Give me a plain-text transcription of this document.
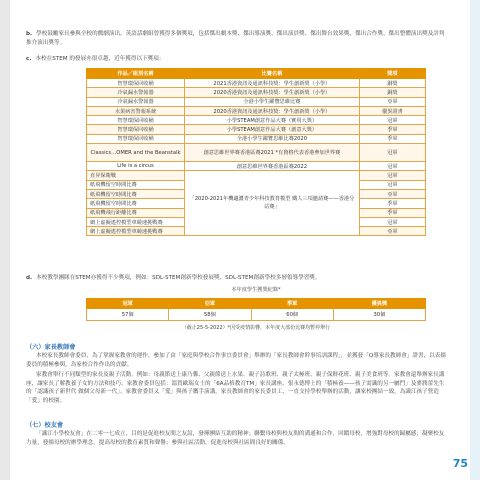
b. 學校鼓勵家長參與全校的戲劇演出，英語話劇組曾獲得多個獎項，包括傑出劇本獎、傑出導演獎、傑出演員獎、傑出舞台效果獎、傑出合作獎、傑出整體演出獎及評判推介演出獎等。
c. 本校在STEM 的發展亦很卓越，近年獲得以下獎項：
作品／組別名稱	比賽名稱	獎項
智慧環保回收桶	2021香港資訊及通訊科技獎：學生創新獎（小學）	銅獎
冷氣漏水警報器	2020香港資訊及通訊科技獎：學生創新獎（小學）	銅獎
冷氣漏水警報器	全港小學生躍覽思維比賽	亞軍
水果病害警報系統	2020香港資訊及通訊科技獎：學生創新獎（小學）	優異證書
智慧環保回收桶	小學STEAM創意作品大賽（實用大獎）	冠軍
智慧環保回收桶	小學STEAM創意作品大賽（創意大獎）	季軍
智慧環保回收桶	全港小學生躍覽思維比賽2020	季軍
Classics…OMER and the Beanstalk	創意思維世界賽香港區賽2021 *有資格代表香港參加世界賽	冠軍
Life is a circus	創意思維世界賽香港區賽2022	冠軍
直昇保衛戰	「2020-2021年機適濃青少年科技教育模型 鐵人三項邀請賽——香港分站賽」	冠軍
紙飛機留空時間比賽		冠軍
紙飛機留空時間比賽		亞軍
紙飛機留空時間比賽		季軍
紙飛機飛行距離比賽		季軍
網上虛擬遙控模型車競速挑戰賽		冠軍
網上虛擬遙控模型車競速挑戰賽		亞軍
d. 本校教學團隊在STEM亦獲得不少獎項，例如：SDL-STEM創新學校發展獎、SDL-STEM創新學校多層領導學習獎。
本年度學生獲獎紀錄*
冠軍	亞軍	季軍	優異獎
57個	58個	60個	30個
（截止25-5-2022）*因受疫情影響，本年度大部份比賽均暫停舉行
（六）家長教師會
本校家長教師會委員，為了掌握家教會的運作，參加了由「家庭與學校合作事宜委員會」舉辦的「家長教師會幹事培訓課程」，並獲發「Q導家長教師會」證書，以表揚委員的積極參與，為家校合作作出的貢獻。
家教會舉行不同類型的家長及親子活動，例如：母親節送上康乃馨、父親節送上水果、親子詩歌班、親子太極班、親子保鮮花班、親子美食班等。家教會還舉辦家長講座，讓家長了解教養子女的方法和技巧。家教會委員包括：溫賀歐瑞女士的「6A品格教育TM」家長講座、張永德博士的「積極養——孩子需識的另一屬門」及麥潤蕾先生的「認識孩子新世代 做個父母新一代」。家教會委員又「愛」與孩子攜手演講，家長教師會的家長委員工，一直支持學校舉辦的活動，讓家校團結一致，為識江孩子營造「愛」的校園。
（七）校友會
「識江小學校友會」在二零一七成立，目的是促進校友間之友誼，發揮團結互助的精神；聯繫母校與校友間的溝通和合作，回饋母校，增強對母校的歸屬感；凝聚校友力量，發揚母校的辦學理念，提高母校的教育素質和聲譽；參與社區活動，促進母校與社區間良好的關係。
75
